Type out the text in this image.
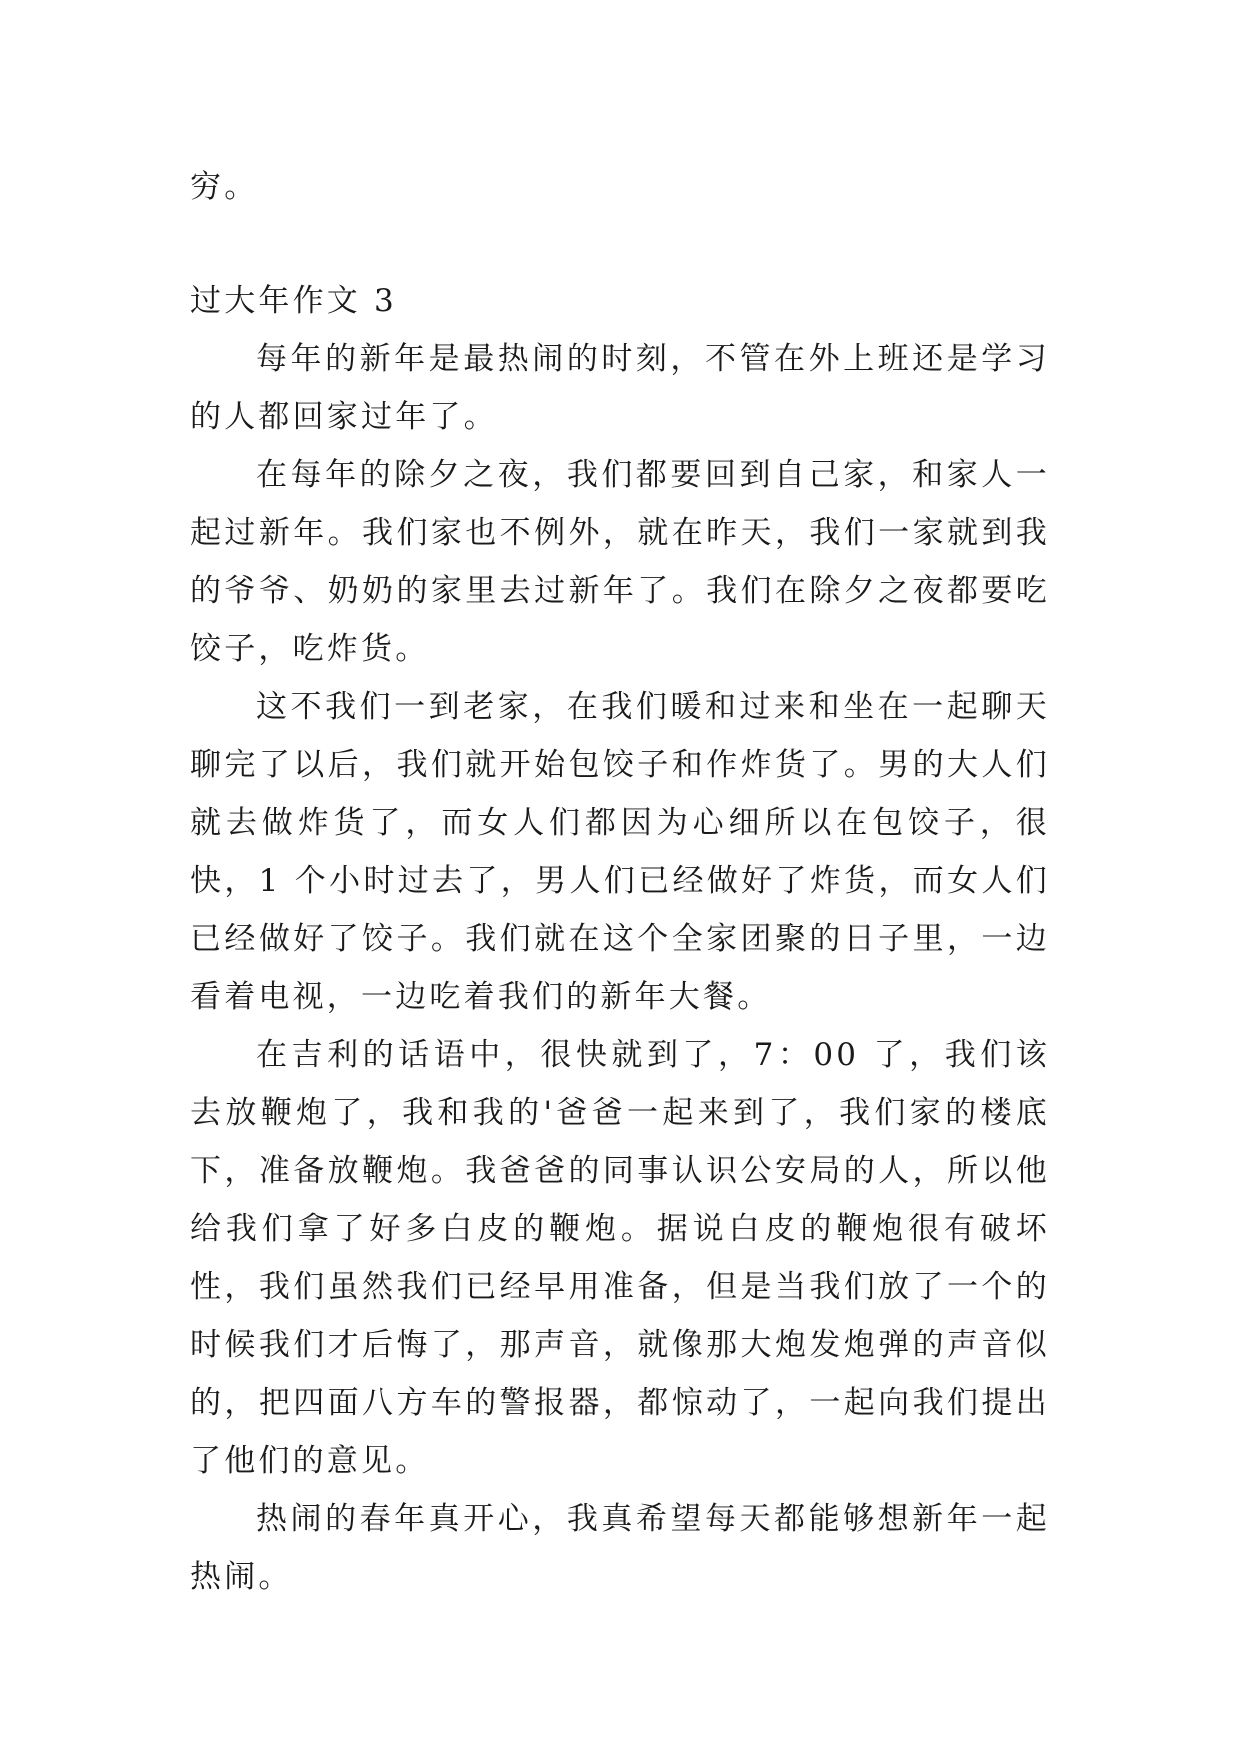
穷。

过大年作文 3

每年的新年是最热闹的时刻，不管在外上班还是学习的人都回家过年了。

在每年的除夕之夜，我们都要回到自己家，和家人一起过新年。我们家也不例外，就在昨天，我们一家就到我的爷爷、奶奶的家里去过新年了。我们在除夕之夜都要吃饺子，吃炸货。

这不我们一到老家，在我们暖和过来和坐在一起聊天聊完了以后，我们就开始包饺子和作炸货了。男的大人们就去做炸货了，而女人们都因为心细所以在包饺子，很快，1 个小时过去了，男人们已经做好了炸货，而女人们已经做好了饺子。我们就在这个全家团聚的日子里，一边看着电视，一边吃着我们的新年大餐。

在吉利的话语中，很快就到了，7：00 了，我们该去放鞭炮了，我和我的'爸爸一起来到了，我们家的楼底下，准备放鞭炮。我爸爸的同事认识公安局的人，所以他给我们拿了好多白皮的鞭炮。据说白皮的鞭炮很有破坏性，我们虽然我们已经早用准备，但是当我们放了一个的时候我们才后悔了，那声音，就像那大炮发炮弹的声音似的，把四面八方车的警报器，都惊动了，一起向我们提出了他们的意见。

热闹的春年真开心，我真希望每天都能够想新年一起热闹。
